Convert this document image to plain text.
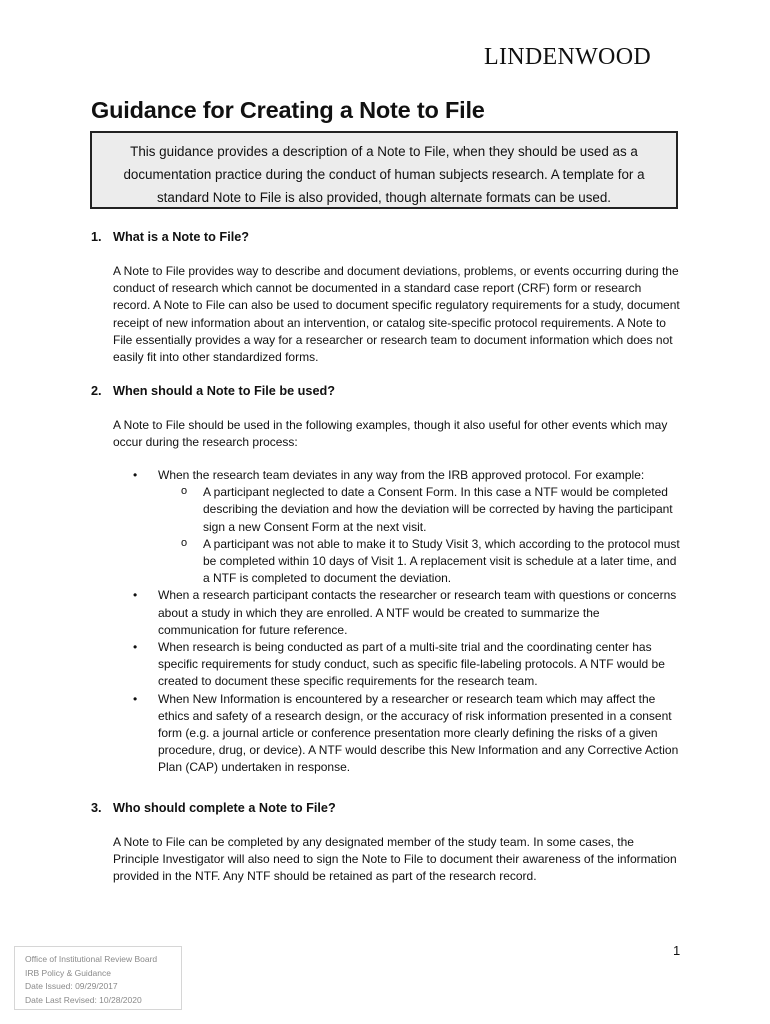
LINDENWOOD
Guidance for Creating a Note to File
This guidance provides a description of a Note to File, when they should be used as a documentation practice during the conduct of human subjects research. A template for a standard Note to File is also provided, though alternate formats can be used.
1. What is a Note to File?
A Note to File provides way to describe and document deviations, problems, or events occurring during the conduct of research which cannot be documented in a standard case report (CRF) form or research record. A Note to File can also be used to document specific regulatory requirements for a study, document receipt of new information about an intervention, or catalog site-specific protocol requirements. A Note to File essentially provides a way for a researcher or research team to document information which does not easily fit into other standardized forms.
2. When should a Note to File be used?
A Note to File should be used in the following examples, though it also useful for other events which may occur during the research process:
• When the research team deviates in any way from the IRB approved protocol. For example:
o A participant neglected to date a Consent Form. In this case a NTF would be completed describing the deviation and how the deviation will be corrected by having the participant sign a new Consent Form at the next visit.
o A participant was not able to make it to Study Visit 3, which according to the protocol must be completed within 10 days of Visit 1. A replacement visit is schedule at a later time, and a NTF is completed to document the deviation.
• When a research participant contacts the researcher or research team with questions or concerns about a study in which they are enrolled. A NTF would be created to summarize the communication for future reference.
• When research is being conducted as part of a multi-site trial and the coordinating center has specific requirements for study conduct, such as specific file-labeling protocols. A NTF would be created to document these specific requirements for the research team.
• When New Information is encountered by a researcher or research team which may affect the ethics and safety of a research design, or the accuracy of risk information presented in a consent form (e.g. a journal article or conference presentation more clearly defining the risks of a given procedure, drug, or device). A NTF would describe this New Information and any Corrective Action Plan (CAP) undertaken in response.
3. Who should complete a Note to File?
A Note to File can be completed by any designated member of the study team. In some cases, the Principle Investigator will also need to sign the Note to File to document their awareness of the information provided in the NTF. Any NTF should be retained as part of the research record.
1
Office of Institutional Review Board
IRB Policy & Guidance
Date Issued: 09/29/2017
Date Last Revised: 10/28/2020
